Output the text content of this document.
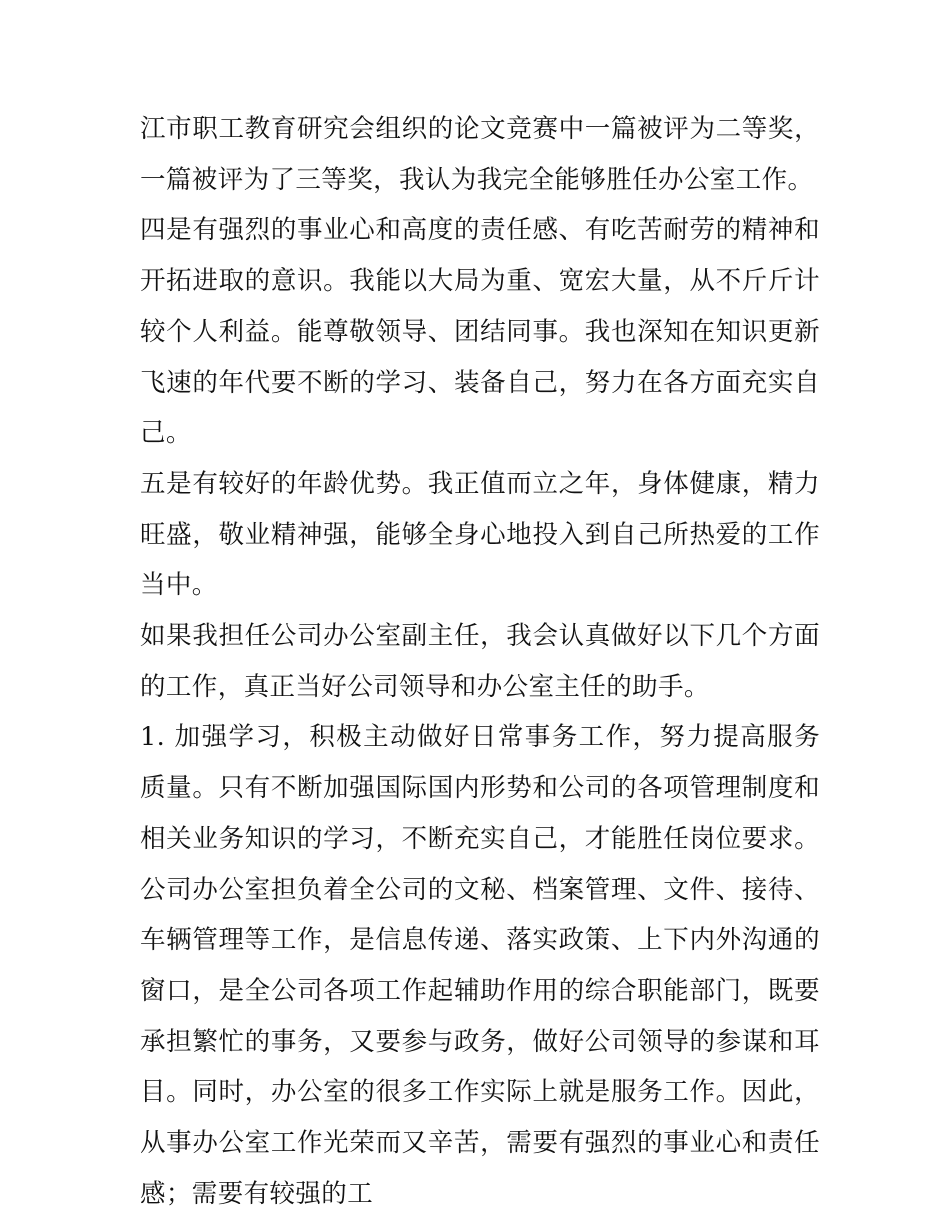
江市职工教育研究会组织的论文竞赛中一篇被评为二等奖，一篇被评为了三等奖，我认为我完全能够胜任办公室工作。

四是有强烈的事业心和高度的责任感、有吃苦耐劳的精神和开拓进取的意识。我能以大局为重、宽宏大量，从不斤斤计较个人利益。能尊敬领导、团结同事。我也深知在知识更新飞速的年代要不断的学习、装备自己，努力在各方面充实自己。

五是有较好的年龄优势。我正值而立之年，身体健康，精力旺盛，敬业精神强，能够全身心地投入到自己所热爱的工作当中。

如果我担任公司办公室副主任，我会认真做好以下几个方面的工作，真正当好公司领导和办公室主任的助手。

1. 加强学习，积极主动做好日常事务工作，努力提高服务质量。只有不断加强国际国内形势和公司的各项管理制度和相关业务知识的学习，不断充实自己，才能胜任岗位要求。公司办公室担负着全公司的文秘、档案管理、文件、接待、车辆管理等工作，是信息传递、落实政策、上下内外沟通的窗口，是全公司各项工作起辅助作用的综合职能部门，既要承担繁忙的事务，又要参与政务，做好公司领导的参谋和耳目。同时，办公室的很多工作实际上就是服务工作。因此，从事办公室工作光荣而又辛苦，需要有强烈的事业心和责任感；需要有较强的工
